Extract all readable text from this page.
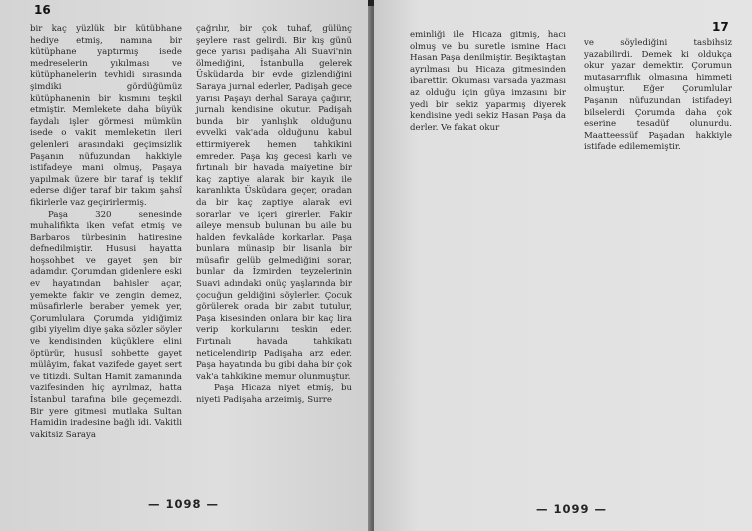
16

bir kaç yüzlük bir kütübhane hediye etmiş, namına bir kütüphane yaptırmış isede medreselerin yıkılması ve kütüphanelerin tevhidi sırasında şimdiki gördüğümüz kütüphanenin bir kısmını teşkil etmiştir. Memlekete daha büyük faydalı işler görmesi mümkün isede o vakit memleketin ileri gelenleri arasındaki geçimsizlik Paşanın nüfuzundan hakkiyle istifadeye mani olmuş, Paşaya yapılmak üzere bir taraf iş teklif ederse diğer taraf bir takım şahsî fikirlerle vaz geçirirlermiş.

Paşa 320 senesinde muhalifikta iken vefat etmiş ve Barbaros türbesinin hatiresine defnedilmiştir. Hususi hayatta hoşsohbet ve gayet şen bir adamdır. Çorumdan gidenlere eski ev hayatından bahisler açar, yemekte fakir ve zengin demez, müsafirlerle beraber yemek yer, Çorumlulara Çorumda yidiğimiz gibi yiyelim diye şaka sözler söyler ve kendisinden küçüklere elini öptürür, hususî sohbette gayet mülâyim, fakat vazifede gayet sert ve titizdi. Sultan Hamit zamanında vazifesinden hiç ayrılmaz, hatta İstanbul tarafına bile geçemezdi. Bir yere gitmesi mutlaka Sultan Hamidin iradesine bağlı idi. Vakitli vakitsiz Saraya

çağrılır, bir çok tuhaf, gülünç şeylere rast gelirdi. Bir kış günü gece yarısı padişaha Ali Suavi'nin ölmediğini, İstanbulla gelerek Üsküdarda bir evde gizlendiğini Saraya jurnal ederler, Padişah gece yarısı Paşayı derhal Saraya çağırır, jurnalı kendisine okutur. Padişah bunda bir yanlışlık olduğunu evvelki vak'ada olduğunu kabul ettirmiyerek hemen tahkikini emreder. Paşa kış gecesi karlı ve fırtınalı bir havada maiyetine bir kaç zaptiye alarak bir kayık ile karanlıkta Üsküdara geçer, oradan da bir kaç zaptiye alarak evi sorarlar ve içeri girerler. Fakir aileye mensub bulunan bu aile bu halden fevkalâde korkarlar. Paşa bunlara münasip bir lisanla bir müsafir gelüb gelmediğini sorar, bunlar da İzmirden teyzelerinin Suavi adındaki onüç yaşlarında bir çocuğun geldiğini söylerler. Çocuk görülerek orada bir zabıt tutulur, Paşa kisesinden onlara bir kaç lira verip korkularını teskin eder. Fırtınalı havada tahkikatı neticelendirip Padişaha arz eder. Paşa hayatında bu gibi daha bir çok vak'a tahkikine memur olunmuştur.

Paşa Hicaza niyet etmiş, bu niyeti Padişaha arzeimiş, Surre

— 1098 —
17

eminliği ile Hicaza gitmiş, hacı olmuş ve bu suretle ismine Hacı Hasan Paşa denilmiştir. Beşiktaştan ayrılması bu Hicaza gitmesinden ibarettir. Okuması varsada yazması az olduğu için güya imzasını bir yedi bir sekiz yaparmış diyerek kendisine yedi sekiz Hasan Paşa da derler. Ve fakat okur

ve söylediğini tasbihsiz yazabilirdi. Demek ki oldukça okur yazar demektir. Çorumun mutasarrıflık olmasına himmeti olmuştur. Eğer Çorumlular Paşanın nüfuzundan istifadeyi bilselerdi Çorumda daha çok eserine tesadüf olunurdu. Maatteessüf Paşadan hakkiyle istifade edilememiştir.

— 1099 —
